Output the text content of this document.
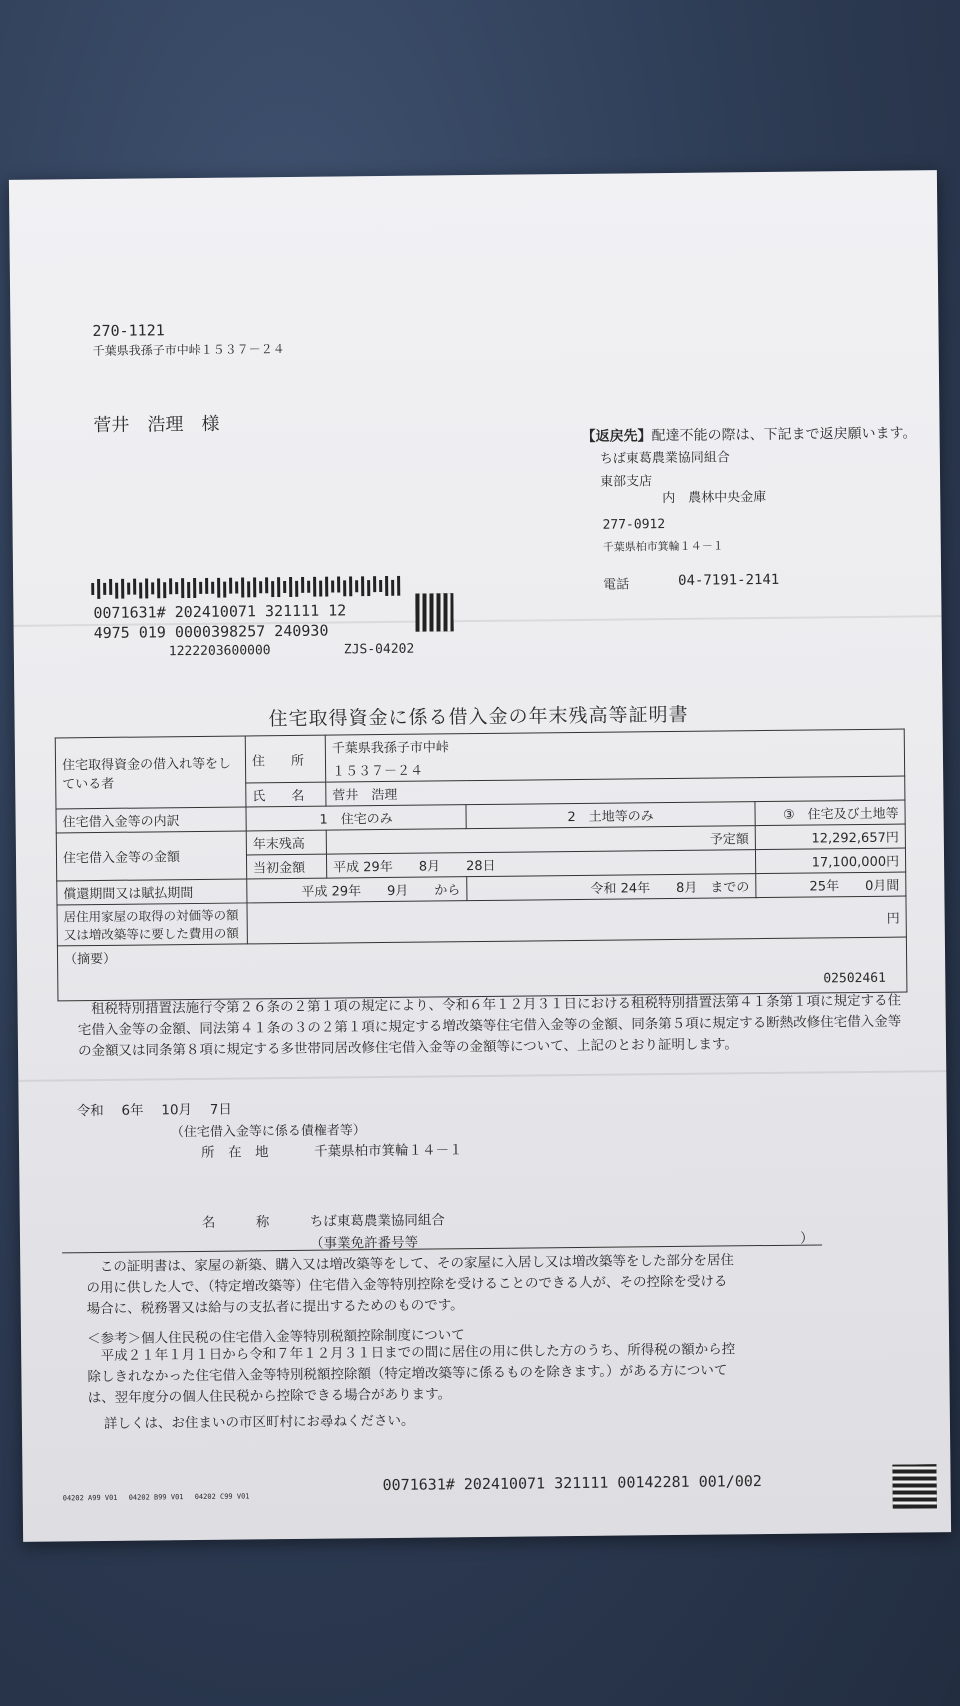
270-1121
千葉県我孫子市中峠１５３７－２４
菅井　浩理　様
【返戻先】配達不能の際は、下記まで返戻願います。
ちば東葛農業協同組合
東部支店
内　農林中央金庫
277-0912
千葉県柏市箕輪１４－１
電話	04-7191-2141
0071631# 202410071 321111 12
4975 019 0000398257 240930
1222203600000	ZJS-04202
住宅取得資金に係る借入金の年末残高等証明書
住宅取得資金の借入れ等をしている者	住　　所	千葉県我孫子市中峠		
		１５３７－２４		
	氏　　名	菅井　浩理		
住宅借入金等の内訳	1　住宅のみ		2　土地等のみ	③　住宅及び土地等
住宅借入金等の金額	年末残高	予定額		12,292,657円
	当初金額	平成 29年　　8月　　28日		17,100,000円
償還期間又は賦払期間	平成 29年　　9月　　から		令和 24年　　8月　までの	25年　　0月間
居住用家屋の取得の対価等の額又は増改築等に要した費用の額	円			
（摘要）				
02502461
租税特別措置法施行令第２６条の２第１項の規定により、令和６年１２月３１日における租税特別措置法第４１条第１項に規定する住宅借入金等の金額、同法第４１条の３の２第１項に規定する増改築等住宅借入金等の金額、同条第５項に規定する断熱改修住宅借入金等の金額又は同条第８項に規定する多世帯同居改修住宅借入金等の金額等について、上記のとおり証明します。
令和　 6年　 10月　 7日
（住宅借入金等に係る債権者等）
所　在　地	千葉県柏市箕輪１４－１
名　　　称	ちば東葛農業協同組合
（事業免許番号等	）
この証明書は、家屋の新築、購入又は増改築等をして、その家屋に入居し又は増改築等をした部分を居住の用に供した人で、（特定増改築等）住宅借入金等特別控除を受けることのできる人が、その控除を受ける場合に、税務署又は給与の支払者に提出するためのものです。
＜参考＞個人住民税の住宅借入金等特別税額控除制度について
平成２１年１月１日から令和７年１２月３１日までの間に居住の用に供した方のうち、所得税の額から控除しきれなかった住宅借入金等特別税額控除額（特定増改築等に係るものを除きます。）がある方については、翌年度分の個人住民税から控除できる場合があります。
詳しくは、お住まいの市区町村にお尋ねください。
04202 A99 V01 04202 B99 V01 04202 C99 V01
0071631# 202410071 321111 00142281 001/002
